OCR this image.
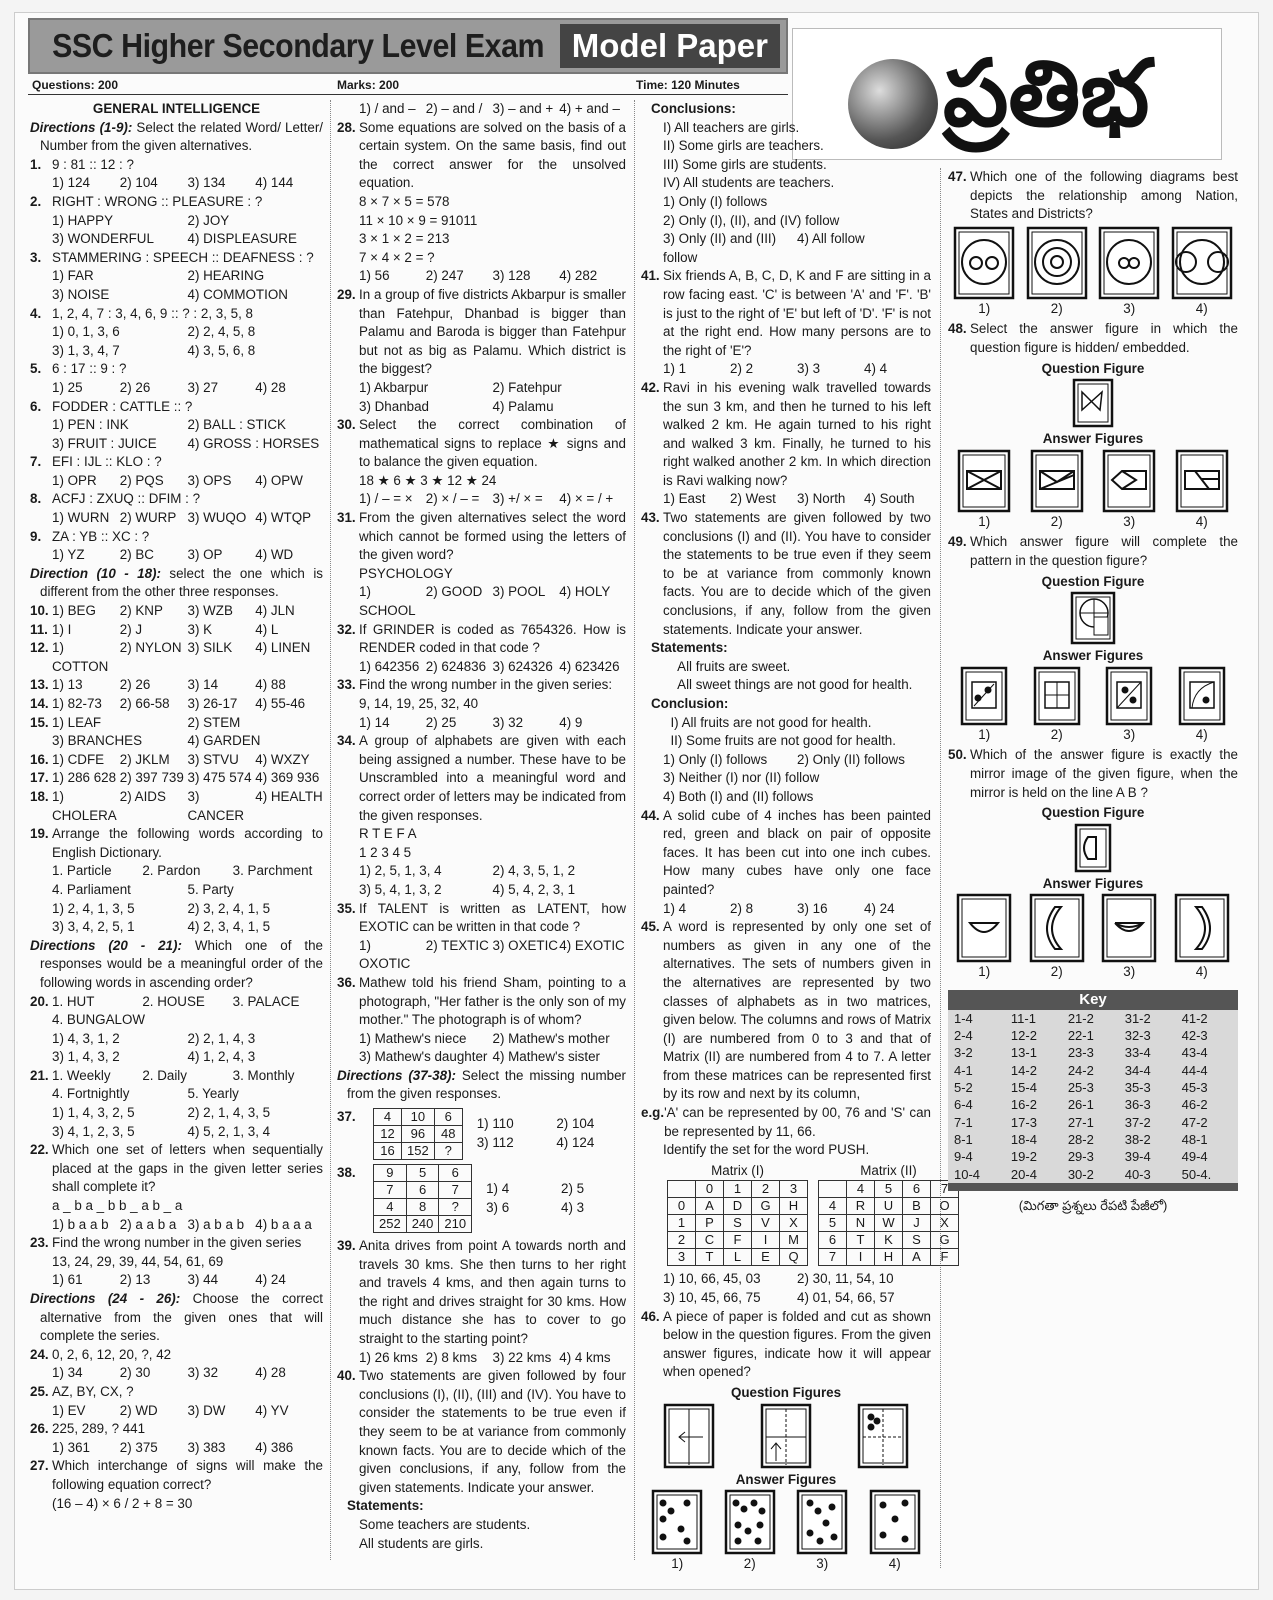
SSC Higher Secondary Level Exam Model Paper
Questions: 200	Marks: 200	Time: 120 Minutes ప్రతిభ
GENERAL INTELLIGENCE
Directions (1-9): Select the related Word/ Letter/ Number from the given alternatives.
1. 9 : 81 :: 12 : ?
1) 124	2) 104	3) 134	4) 144
2. RIGHT : WRONG :: PLEASURE : ?
1) HAPPY	2) JOY
3) WONDERFUL	4) DISPLEASURE
3. STAMMERING : SPEECH :: DEAFNESS : ?
1) FAR	2) HEARING
3) NOISE	4) COMMOTION
4. 1, 2, 4, 7 : 3, 4, 6, 9 :: ? : 2, 3, 5, 8
1) 0, 1, 3, 6	2) 2, 4, 5, 8
3) 1, 3, 4, 7	4) 3, 5, 6, 8
5. 6 : 17 :: 9 : ?
1) 25	2) 26	3) 27	4) 28
6. FODDER : CATTLE :: ?
1) PEN : INK	2) BALL : STICK
3) FRUIT : JUICE	4) GROSS : HORSES
7. EFI : IJL :: KLO : ?
1) OPR	2) PQS	3) OPS	4) OPW
8. ACFJ : ZXUQ :: DFIM : ?
1) WURN 2) WURP 3) WUQO 4) WTQP
9. ZA : YB :: XC : ?
1) YZ	2) BC	3) OP	4) WD
Direction (10 - 18): select the one which is different from the other three responses.
10. 1) BEG	2) KNP	3) WZB	4) JLN
11. 1) I	2) J	3) K	4) L
12. 1) COTTON
2) NYLON 3) SILK	4) LINEN
13. 1) 13	2) 26	3) 14	4) 88
14. 1) 82-73	2) 66-58	3) 26-17	4) 55-46
15. 1) LEAF	2) STEM
3) BRANCHES	4) GARDEN
16. 1) CDFE	2) JKLM	3) STVU	4) WXZY
17. 1) 286 628 2) 397 739 3) 475 574 4) 369 936
18. 1) CHOLERA
2) AIDS	3) CANCER
4) HEALTH
19. Arrange the following words according to English Dictionary.
1. Particle	2. Pardon	3. Parchment
4. Parliament	5. Party
1) 2, 4, 1, 3, 5	2) 3, 2, 4, 1, 5
3) 3, 4, 2, 5, 1	4) 2, 3, 4, 1, 5
Directions (20 - 21): Which one of the responses would be a meaningful order of the following words in ascending order?
20. 1. HUT	2. HOUSE	3. PALACE
4. BUNGALOW
1) 4, 3, 1, 2	2) 2, 1, 4, 3
3) 1, 4, 3, 2	4) 1, 2, 4, 3
21. 1. Weekly	2. Daily	3. Monthly
4. Fortnightly	5. Yearly
1) 1, 4, 3, 2, 5	2) 2, 1, 4, 3, 5
3) 4, 1, 2, 3, 5	4) 5, 2, 1, 3, 4
22. Which one set of letters when sequentially placed at the gaps in the given letter series shall complete it?
a _ b a _ b b _ a b _ a
1) b a a b 2) a a b a 3) a b a b 4) b a a a
23. Find the wrong number in the given series
13, 24, 29, 39, 44, 54, 61, 69
1) 61	2) 13	3) 44	4) 24
Directions (24 - 26): Choose the correct alternative from the given ones that will complete the series.
24. 0, 2, 6, 12, 20, ?, 42
1) 34	2) 30	3) 32	4) 28
25. AZ, BY, CX, ?
1) EV	2) WD	3) DW	4) YV
26. 225, 289, ? 441
1) 361	2) 375	3) 383	4) 386
27. Which interchange of signs will make the following equation correct?
(16 – 4) × 6 / 2 + 8 = 30
1) / and – 2) – and / 3) – and + 4) + and –
28. Some equations are solved on the basis of a certain system. On the same basis, find out the correct answer for the unsolved equation.
8 × 7 × 5 = 578
11 × 10 × 9 = 91011
3 × 1 × 2 = 213
7 × 4 × 2 = ?
1) 56	2) 247	3) 128	4) 282
29. In a group of five districts Akbarpur is smaller than Fatehpur, Dhanbad is bigger than Palamu and Baroda is bigger than Fatehpur but not as big as Palamu. Which district is the biggest?
1) Akbarpur	2) Fatehpur
3) Dhanbad	4) Palamu
30. Select the correct combination of mathematical signs to replace ★ signs and to balance the given equation.
18 ★ 6 ★ 3 ★ 12 ★ 24
1) / – = × 2) × / – = 3) +/ × =	4) × = / +
31. From the given alternatives select the word which cannot be formed using the letters of the given word?
PSYCHOLOGY
1) SCHOOL
2) GOOD 3) POOL	4) HOLY
32. If GRINDER is coded as 7654326. How is RENDER coded in that code ?
1) 642356 2) 624836 3) 624326 4) 623426
33. Find the wrong number in the given series:
9, 14, 19, 25, 32, 40
1) 14	2) 25	3) 32	4) 9
34. A group of alphabets are given with each being assigned a number. These have to be Unscrambled into a meaningful word and correct order of letters may be indicated from the given responses.
R T E F A
1 2 3 4 5
1) 2, 5, 1, 3, 4	2) 4, 3, 5, 1, 2
3) 5, 4, 1, 3, 2	4) 5, 4, 2, 3, 1
35. If TALENT is written as LATENT, how EXOTIC can be written in that code ?
1) OXOTIC
2) TEXTIC 3) OXETIC 4) EXOTIC
36. Mathew told his friend Sham, pointing to a photograph, "Her father is the only son of my mother." The photograph is of whom?
1) Mathew's niece	2) Mathew's mother
3) Mathew's daughter 4) Mathew's sister
Directions (37-38): Select the missing number from the given responses.
37. 4	10	6
12	96	48
16	152	?
1) 110	2) 104
3) 112	4) 124
38. 9	5	6
7	6	7
4	8	?
252	240	210
1) 4	2) 5
3) 6	4) 3
39. Anita drives from point A towards north and travels 30 kms. She then turns to her right and travels 4 kms, and then again turns to the right and drives straight for 30 kms. How much distance she has to cover to go straight to the starting point?
1) 26 kms 2) 8 kms	3) 22 kms 4) 4 kms
40. Two statements are given followed by four conclusions (I), (II), (III) and (IV). You have to consider the statements to be true even if they seem to be at variance from commonly known facts. You are to decide which of the given conclusions, if any, follow from the given statements. Indicate your answer.
Statements:
Some teachers are students.
All students are girls.
Conclusions:
I) All teachers are girls.
II) Some girls are teachers.
III) Some girls are students.
IV) All students are teachers.
1) Only (I) follows
2) Only (I), (II), and (IV) follow
3) Only (II) and (III) follow
4) All follow
41. Six friends A, B, C, D, K and F are sitting in a row facing east. 'C' is between 'A' and 'F'. 'B' is just to the right of 'E' but left of 'D'. 'F' is not at the right end. How many persons are to the right of 'E'?
1) 1	2) 2	3) 3	4) 4
42. Ravi in his evening walk travelled towards the sun 3 km, and then he turned to his left walked 2 km. He again turned to his right and walked 3 km. Finally, he turned to his right walked another 2 km. In which direction is Ravi walking now?
1) East	2) West	3) North	4) South
43. Two statements are given followed by two conclusions (I) and (II). You have to consider the statements to be true even if they seem to be at variance from commonly known facts. You are to decide which of the given conclusions, if any, follow from the given statements. Indicate your answer.
Statements:
All fruits are sweet.
All sweet things are not good for health.
Conclusion:
I) All fruits are not good for health.
II) Some fruits are not good for health.
1) Only (I) follows	2) Only (II) follows
3) Neither (I) nor (II) follow
4) Both (I) and (II) follows
44. A solid cube of 4 inches has been painted red, green and black on pair of opposite faces. It has been cut into one inch cubes. How many cubes have only one face painted?
1) 4	2) 8	3) 16	4) 24
45. A word is represented by only one set of numbers as given in any one of the alternatives. The sets of numbers given in the alternatives are represented by two classes of alphabets as in two matrices, given below. The columns and rows of Matrix (I) are numbered from 0 to 3 and that of Matrix (II) are numbered from 4 to 7. A letter from these matrices can be represented first by its row and next by its column,
e.g. 'A' can be represented by 00, 76 and 'S' can be represented by 11, 66.
Identify the set for the word PUSH.
Matrix (I)
	0	1	2	3
0	A	D	G	H
1	P	S	V	X
2	C	F	I	M
3	T	L	E	Q
Matrix (II)
	4	5	6	7
4	R	U	B	O
5	N	W	J	X
6	T	K	S	G
7	I	H	A	F
1) 10, 66, 45, 03	2) 30, 11, 54, 10
3) 10, 45, 66, 75	4) 01, 54, 66, 57
46. A piece of paper is folded and cut as shown below in the question figures. From the given answer figures, indicate how it will appear when opened?
Question Figures
Answer Figures
1)	2)	3)	4)
47. Which one of the following diagrams best depicts the relationship among Nation, States and Districts?
1)	2)	3)	4)
48. Select the answer figure in which the question figure is hidden/ embedded.
Question Figure
Answer Figures
1)	2)	3)	4)
49. Which answer figure will complete the pattern in the question figure?
Question Figure
Answer Figures
1)	2)	3)	4)
50. Which of the answer figure is exactly the mirror image of the given figure, when the mirror is held on the line A B ?
Question Figure
Answer Figures
1)	2)	3)	4)
Key
1-4	11-1	21-2	31-2	41-2
2-4	12-2	22-1	32-3	42-3
3-2	13-1	23-3	33-4	43-4
4-1	14-2	24-2	34-4	44-4
5-2	15-4	25-3	35-3	45-3
6-4	16-2	26-1	36-3	46-2
7-1	17-3	27-1	37-2	47-2
8-1	18-4	28-2	38-2	48-1
9-4	19-2	29-3	39-4	49-4
10-4	20-4	30-2	40-3	50-4.
(మిగతా ప్రశ్నలు రేపటి పేజీలో)
